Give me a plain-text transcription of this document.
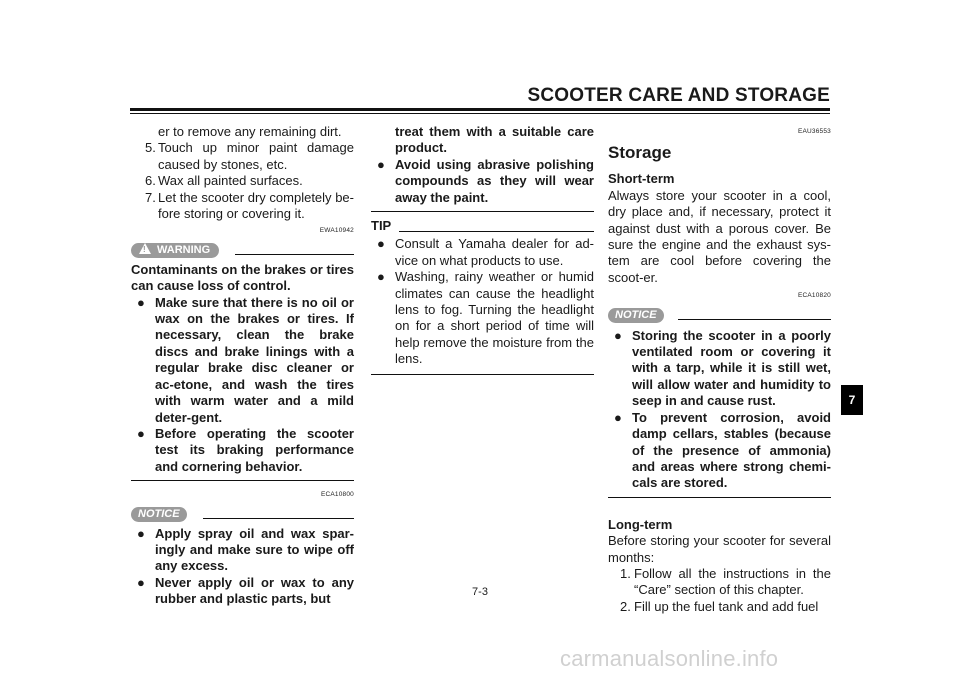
SCOOTER CARE AND STORAGE
7

er to remove any remaining dirt.

5. Touch up minor paint damage caused by stones, etc.
6. Wax all painted surfaces.
7. Let the scooter dry completely be-fore storing or covering it.
EWA10942
! WARNING

Contaminants on the brakes or tires can cause loss of control.

● Make sure that there is no oil or wax on the brakes or tires. If necessary, clean the brake discs and brake linings with a regular brake disc cleaner or ac-etone, and wash the tires with warm water and a mild deter-gent.
● Before operating the scooter test its braking performance and cornering behavior.
ECA10800
NOTICE
● Apply spray oil and wax spar-ingly and make sure to wipe off any excess.
● Never apply oil or wax to any rubber and plastic parts, but

treat them with a suitable care product.

● Avoid using abrasive polishing compounds as they will wear away the paint.
TIP
● Consult a Yamaha dealer for ad-vice on what products to use.
● Washing, rainy weather or humid climates can cause the headlight lens to fog. Turning the headlight on for a short period of time will help remove the moisture from the lens.
EAU36553

Storage

Short-term

Always store your scooter in a cool, dry place and, if necessary, protect it against dust with a porous cover. Be sure the engine and the exhaust sys-tem are cool before covering the scoot-er.

ECA10820
NOTICE
● Storing the scooter in a poorly ventilated room or covering it with a tarp, while it is still wet, will allow water and humidity to seep in and cause rust.
● To prevent corrosion, avoid damp cellars, stables (because of the presence of ammonia) and areas where strong chemi-cals are stored.

Long-term

Before storing your scooter for several months:

1. Follow all the instructions in the “Care” section of this chapter.
2. Fill up the fuel tank and add fuel
7-3
carmanualsonline.info
